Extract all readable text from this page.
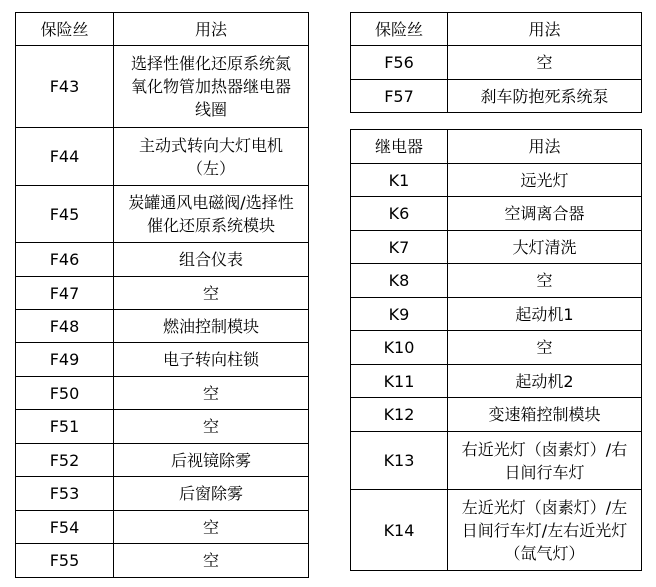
保险丝	用法
F43	选择性催化还原系统氮氧化物管加热器继电器线圈

F44	主动式转向大灯电机（左）

F45	炭罐通风电磁阀/选择性催化还原系统模块

F46	组合仪表
F47	空
F48	燃油控制模块
F49	电子转向柱锁
F50	空
F51	空
F52	后视镜除雾
F53	后窗除雾
F54	空
F55	空
保险丝	用法
F56	空
F57	刹车防抱死系统泵
继电器	用法
K1	远光灯
K6	空调离合器
K7	大灯清洗
K8	空
K9	起动机1
K10	空
K11	起动机2
K12	变速箱控制模块
K13	右近光灯（卤素灯）/右日间行车灯

K14	左近光灯（卤素灯）/左日间行车灯/左右近光灯（氙气灯）
